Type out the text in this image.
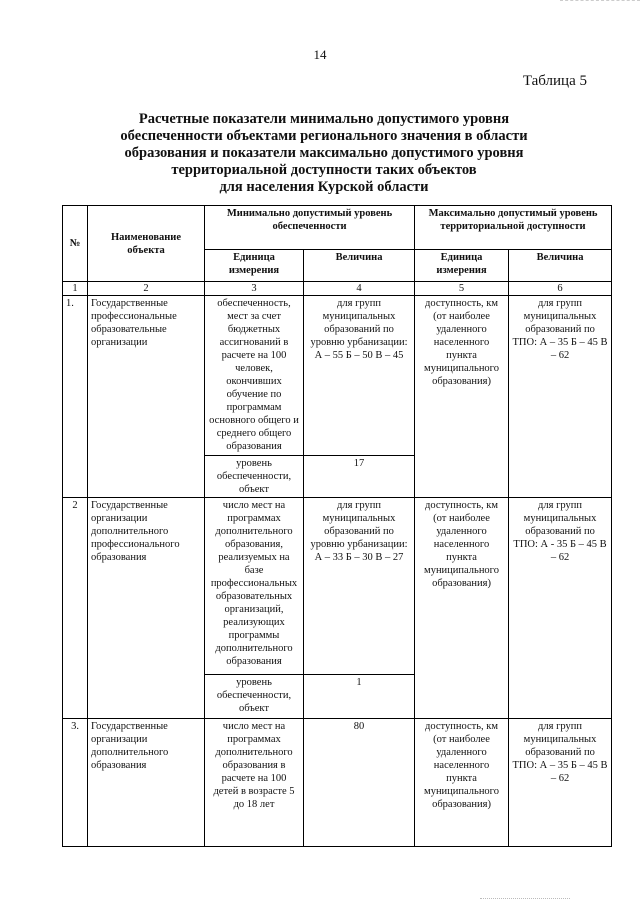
14
Таблица 5
Расчетные показатели минимально допустимого уровня
обеспеченности объектами регионального значения в области
образования и показатели максимально допустимого уровня
территориальной доступности таких объектов
для населения Курской области
№	Наименование объекта	Минимально допустимый уровень обеспеченности		Максимально допустимый уровень территориальной доступности	
		Единица измерения	Величина	Единица измерения	Величина
1	2	3	4	5	6
1.	Государственные профессиональные образовательные организации	обеспеченность, мест за счет бюджетных ассигнований в расчете на 100 человек, окончивших обучение по программам основного общего и среднего общего образования	для групп муниципальных образований по уровню урбанизации: А – 55 Б – 50 В – 45	доступность, км (от наиболее удаленного населенного пункта муниципального образования)	для групп муниципальных образований по ТПО: А – 35 Б – 45 В – 62
		уровень обеспеченности, объект	17		
2	Государственные организации дополнительного профессионального образования	число мест на программах дополнительного образования, реализуемых на базе профессиональных образовательных организаций, реализующих программы дополнительного образования	для групп муниципальных образований по уровню урбанизации: А – 33 Б – 30 В – 27	доступность, км (от наиболее удаленного населенного пункта муниципального образования)	для групп муниципальных образований по ТПО: А - 35 Б – 45 В – 62
		уровень обеспеченности, объект	1		
3.	Государственные организации дополнительного образования	число мест на программах дополнительного образования в расчете на 100 детей в возрасте 5 до 18 лет	80	доступность, км (от наиболее удаленного населенного пункта муниципального образования)	для групп муниципальных образований по ТПО: А – 35 Б – 45 В – 62
